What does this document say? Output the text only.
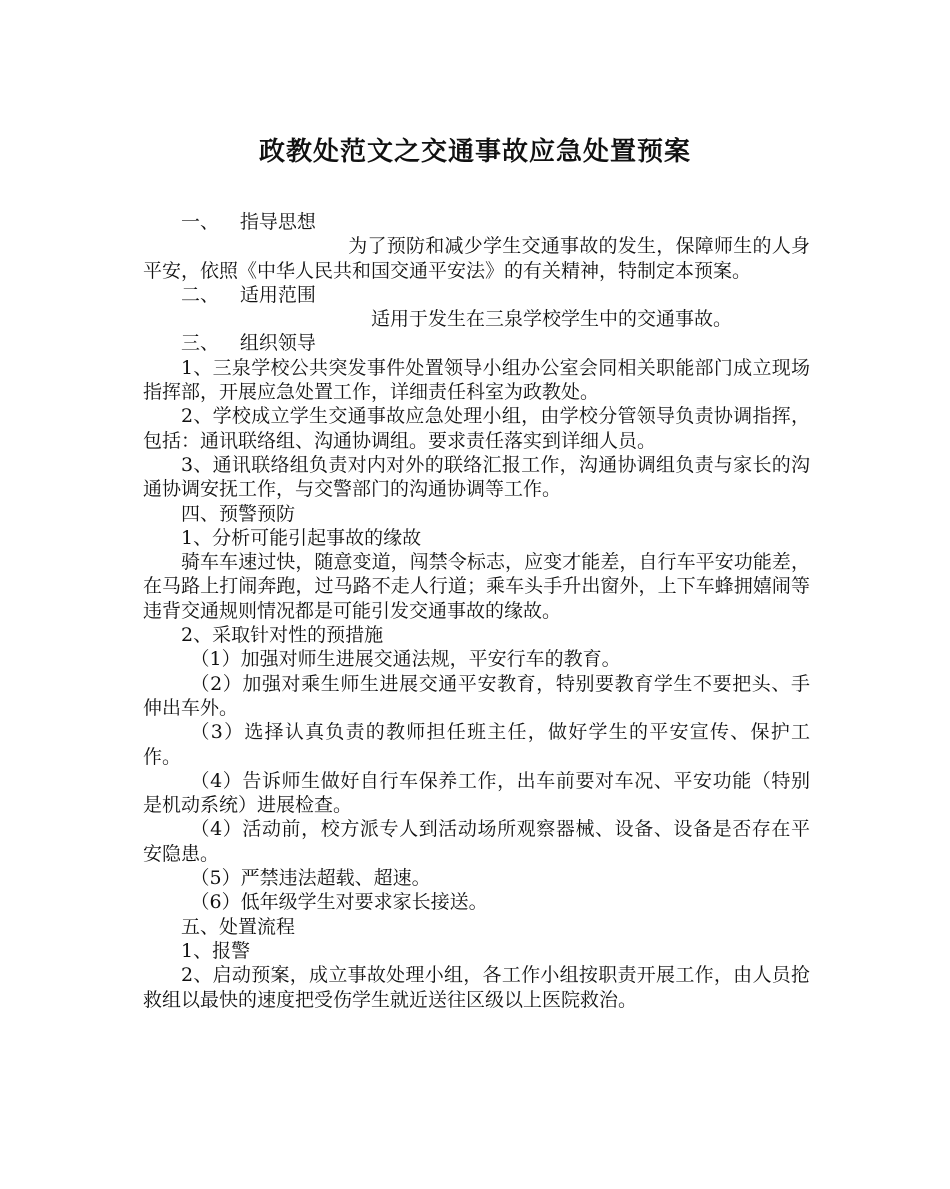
政教处范文之交通事故应急处置预案

一、 指导思想

为了预防和减少学生交通事故的发生，保障师生的人身平安，依照《中华人民共和国交通平安法》的有关精神，特制定本预案。

二、 适用范围

适用于发生在三泉学校学生中的交通事故。

三、 组织领导

1、三泉学校公共突发事件处置领导小组办公室会同相关职能部门成立现场指挥部，开展应急处置工作，详细责任科室为政教处。

2、学校成立学生交通事故应急处理小组，由学校分管领导负责协调指挥，包括：通讯联络组、沟通协调组。要求责任落实到详细人员。

3、通讯联络组负责对内对外的联络汇报工作，沟通协调组负责与家长的沟通协调安抚工作，与交警部门的沟通协调等工作。

四、预警预防

1、分析可能引起事故的缘故

骑车车速过快，随意变道，闯禁令标志，应变才能差，自行车平安功能差，在马路上打闹奔跑，过马路不走人行道；乘车头手升出窗外，上下车蜂拥嬉闹等违背交通规则情况都是可能引发交通事故的缘故。

2、采取针对性的预措施

（1）加强对师生进展交通法规，平安行车的教育。

（2）加强对乘生师生进展交通平安教育，特别要教育学生不要把头、手伸出车外。

（3）选择认真负责的教师担任班主任，做好学生的平安宣传、保护工作。

（4）告诉师生做好自行车保养工作，出车前要对车况、平安功能（特别是机动系统）进展检查。

（4）活动前，校方派专人到活动场所观察器械、设备、设备是否存在平安隐患。

（5）严禁违法超载、超速。

（6）低年级学生对要求家长接送。

五、处置流程

1、报警

2、启动预案，成立事故处理小组，各工作小组按职责开展工作，由人员抢救组以最快的速度把受伤学生就近送往区级以上医院救治。
